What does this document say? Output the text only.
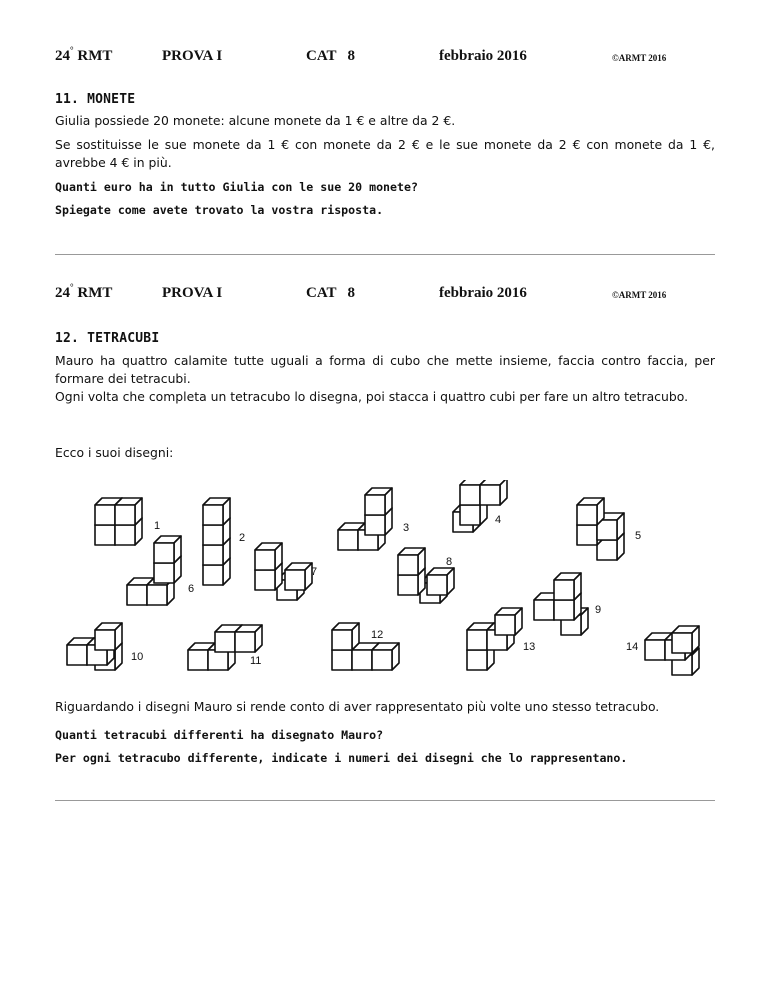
24° RMT	PROVA I	CAT   8	febbraio 2016	©ARMT 2016
11. MONETE
Giulia possiede 20 monete: alcune monete da 1 € e altre da 2 €.
Se sostituisse le sue monete da 1 € con monete da 2 € e le sue monete da 2 € con monete da 1 €, avrebbe 4 € in più.
Quanti euro ha in tutto Giulia con le sue 20 monete?
Spiegate come avete trovato la vostra risposta.
24° RMT	PROVA I	CAT   8	febbraio 2016	©ARMT 2016
12. TETRACUBI
Mauro ha quattro calamite tutte uguali a forma di cubo che mette insieme, faccia contro faccia, per formare dei tetracubi.
Ogni volta che completa un tetracubo lo disegna, poi stacca i quattro cubi per fare un altro tetracubo.
Ecco i suoi disegni:
1
2
3
4
5
6
7
8
9
10	11
12
13	14
Riguardando i disegni Mauro si rende conto di aver rappresentato più volte uno stesso tetracubo.
Quanti tetracubi differenti ha disegnato Mauro?
Per ogni tetracubo differente, indicate i numeri dei disegni che lo rappresentano.
